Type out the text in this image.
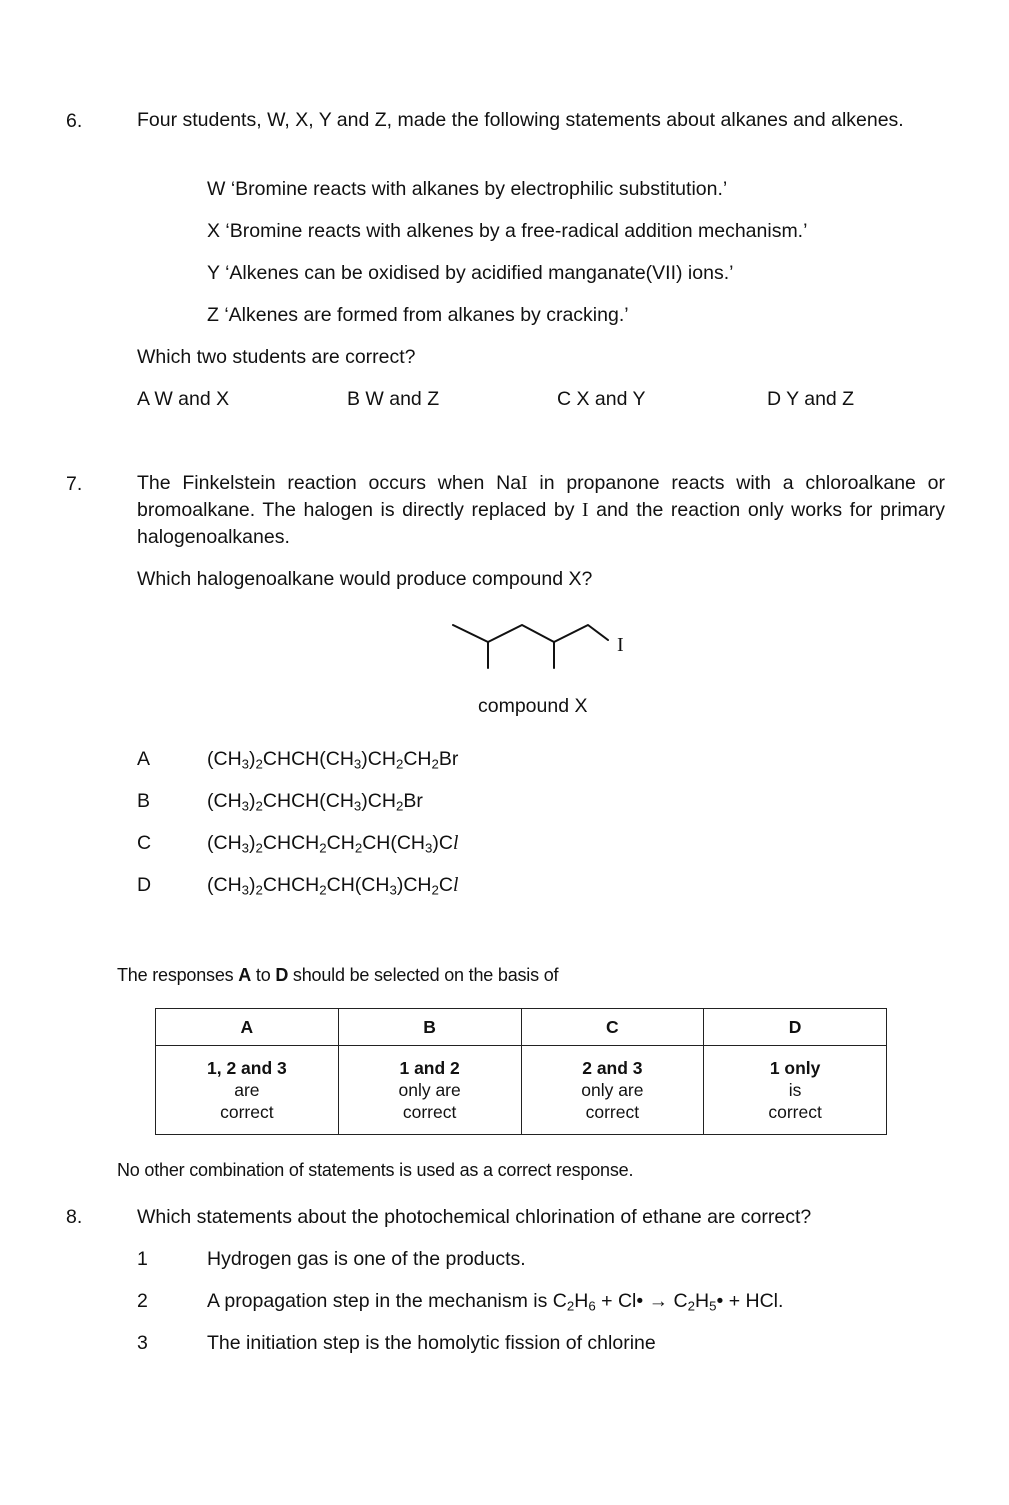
6.	Four students, W, X, Y and Z, made the following statements about alkanes and alkenes.
W ‘Bromine reacts with alkanes by electrophilic substitution.’
X ‘Bromine reacts with alkenes by a free-radical addition mechanism.’
Y ‘Alkenes can be oxidised by acidified manganate(VII) ions.’
Z ‘Alkenes are formed from alkanes by cracking.’
Which two students are correct?
A W and X	B W and Z	C X and Y	D Y and Z
7.	The Finkelstein reaction occurs when NaI in propanone reacts with a chloroalkane or bromoalkane. The halogen is directly replaced by I and the reaction only works for primary halogenoalkanes.
Which halogenoalkane would produce compound X?
I
compound X
A	$(CH_3)_2CHCH(CH_3)CH_2CH_2Br$
B	$(CH_3)_2CHCH(CH_3)CH_2Br$
C	$(CH_3)_2CHCH_2CH_2CH(CH_3)Cl$
D	$(CH_3)_2CHCH_2CH(CH_3)CH_2Cl$
The responses A to D should be selected on the basis of
A	B	C	D
1, 2 and 3
are
correct	1 and 2
only are
correct	2 and 3
only are
correct	1 only
is
correct
No other combination of statements is used as a correct response.
8.	Which statements about the photochemical chlorination of ethane are correct?
1	Hydrogen gas is one of the products.
2	A propagation step in the mechanism is $C_2H_6$ + Cl• → $C_2H_5•$ + HCl.
3	The initiation step is the homolytic fission of chlorine
